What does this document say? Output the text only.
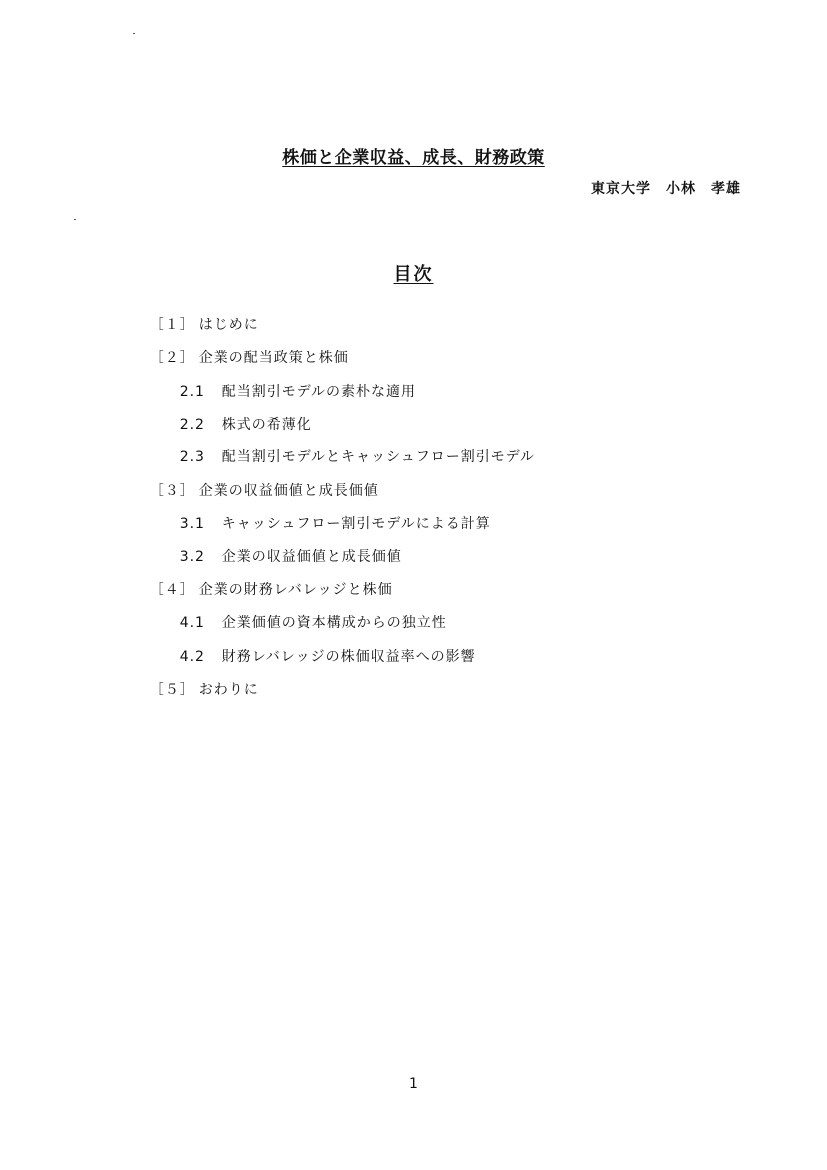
株価と企業収益、成長、財務政策
東京大学　小林　孝雄
目次

［１］ はじめに

［２］ 企業の配当政策と株価

2.1 配当割引モデルの素朴な適用

2.2 株式の希薄化

2.3 配当割引モデルとキャッシュフロー割引モデル

［３］ 企業の収益価値と成長価値

3.1 キャッシュフロー割引モデルによる計算

3.2 企業の収益価値と成長価値

［４］ 企業の財務レバレッジと株価

4.1 企業価値の資本構成からの独立性

4.2 財務レバレッジの株価収益率への影響

［５］ おわりに

1
